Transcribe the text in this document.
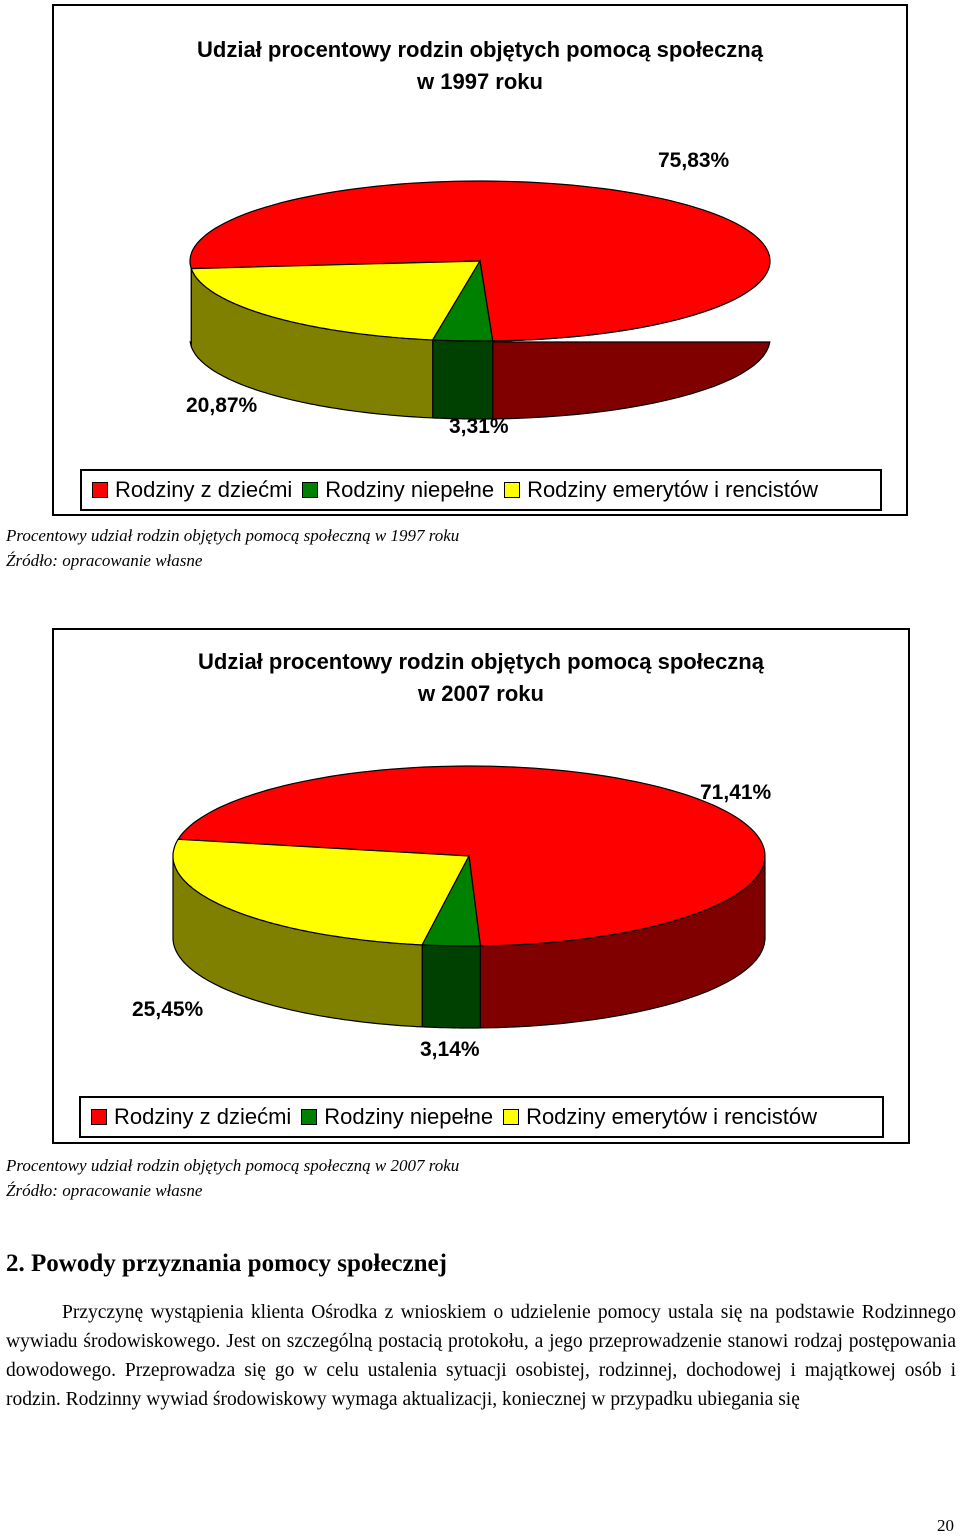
Udział procentowy rodzin objętych pomocą społeczną
w 1997 roku
75,83%
3,31%
20,87%
Rodziny z dziećmi Rodziny niepełne Rodziny emerytów i rencistów
Procentowy udział rodzin objętych pomocą społeczną w 1997 roku
Źródło: opracowanie własne
Udział procentowy rodzin objętych pomocą społeczną
w 2007 roku
71,41%
3,14%
25,45%
Rodziny z dziećmi Rodziny niepełne Rodziny emerytów i rencistów
Procentowy udział rodzin objętych pomocą społeczną w 2007 roku
Źródło: opracowanie własne
2. Powody przyznania pomocy społecznej

Przyczynę wystąpienia klienta Ośrodka z wnioskiem o udzielenie pomocy ustala się na podstawie Rodzinnego wywiadu środowiskowego. Jest on szczególną postacią protokołu, a jego przeprowadzenie stanowi rodzaj postępowania dowodowego. Przeprowadza się go w celu ustalenia sytuacji osobistej, rodzinnej, dochodowej i majątkowej osób i rodzin. Rodzinny wywiad środowiskowy wymaga aktualizacji, koniecznej w przypadku ubiegania się

20
